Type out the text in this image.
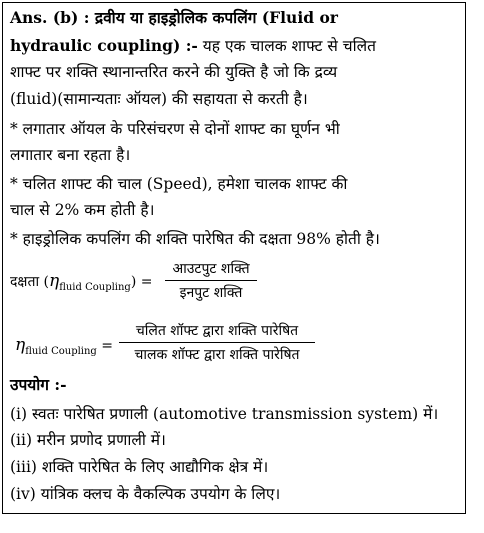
Ans. (b) : द्रवीय या हाइड्रोलिक कपलिंग (Fluid or
hydraulic coupling) :- यह एक चालक शाफ्ट से चलित
शाफ्ट पर शक्ति स्थानान्तरित करने की युक्ति है जो कि द्रव्य
(fluid)(सामान्यताः ऑयल) की सहायता से करती है।
* लगातार ऑयल के परिसंचरण से दोनों शाफ्ट का घूर्णन भी
लगातार बना रहता है।
* चलित शाफ्ट की चाल (Speed), हमेशा चालक शाफ्ट की
चाल से 2% कम होती है।
* हाइड्रोलिक कपलिंग की शक्ति पारेषित की दक्षता 98% होती है।
दक्षता $(\eta_{fluid Coupling})$ =
आउटपुट शक्ति
इनपुट शक्ति
$\eta_{fluid Coupling}$ =
चलित शॉफ्ट द्वारा शक्ति पारेषित
चालक शॉफ्ट द्वारा शक्ति पारेषित
उपयोग :-
(i) स्वतः पारेषित प्रणाली (automotive transmission system) में।
(ii) मरीन प्रणोद प्रणाली में।
(iii) शक्ति पारेषित के लिए आद्यौगिक क्षेत्र में।
(iv) यांत्रिक क्लच के वैकल्पिक उपयोग के लिए।
